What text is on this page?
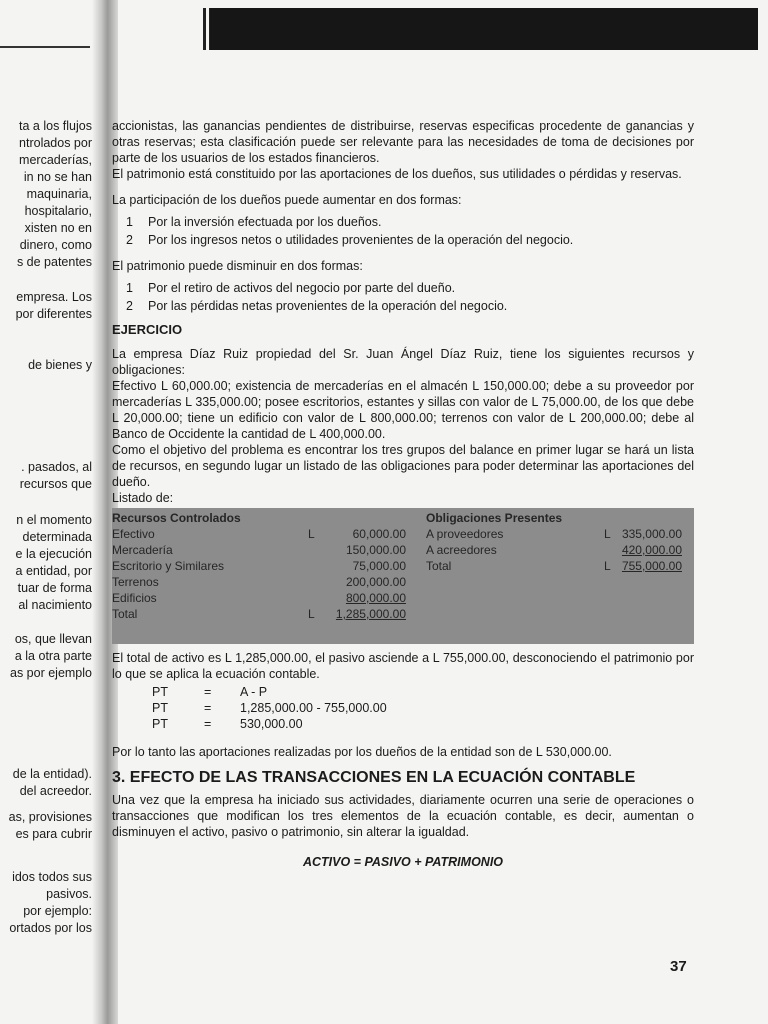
ta a los flujos
ntrolados por
mercaderías,
in no se han
maquinaria,
hospitalario,
xisten no en
dinero, como
s de patentes
empresa. Los
por diferentes
de bienes y
. pasados, al
recursos que
n el momento
determinada
e la ejecución
a entidad, por
tuar de forma
al nacimiento
os, que llevan
a la otra parte
as por ejemplo
de la entidad).
del acreedor.
as, provisiones
es para cubrir
idos todos sus
pasivos.
por ejemplo:
ortados por los

accionistas, las ganancias pendientes de distribuirse, reservas especificas procedente de ganancias y otras reservas; esta clasificación puede ser relevante para las necesidades de toma de decisiones por parte de los usuarios de los estados financieros.

El patrimonio está constituido por las aportaciones de los dueños, sus utilidades o pérdidas y reservas.

La participación de los dueños puede aumentar en dos formas:

1 Por la inversión efectuada por los dueños.
2 Por los ingresos netos o utilidades provenientes de la operación del negocio.

El patrimonio puede disminuir en dos formas:

1 Por el retiro de activos del negocio por parte del dueño.
2 Por las pérdidas netas provenientes de la operación del negocio.
EJERCICIO

La empresa Díaz Ruiz propiedad del Sr. Juan Ángel Díaz Ruiz, tiene los siguientes recursos y obligaciones:

Efectivo L 60,000.00; existencia de mercaderías en el almacén L 150,000.00; debe a su proveedor por mercaderías L 335,000.00; posee escritorios, estantes y sillas con valor de L 75,000.00, de los que debe L 20,000.00; tiene un edificio con valor de L 800,000.00; terrenos con valor de L 200,000.00; debe al Banco de Occidente la cantidad de L 400,000.00.

Como el objetivo del problema es encontrar los tres grupos del balance en primer lugar se hará un lista de recursos, en segundo lugar un listado de las obligaciones para poder determinar las aportaciones del dueño.

Listado de:

Recursos Controlados
Efectivo	L	60,000.00
Mercadería	150,000.00
Escritorio y Similares	75,000.00
Terrenos	200,000.00
Edificios	800,000.00
Total	L 1,285,000.00
Obligaciones Presentes
A proveedores	L 335,000.00
A acreedores	420,000.00
Total	L 755,000.00

El total de activo es L 1,285,000.00, el pasivo asciende a L 755,000.00, desconociendo el patrimonio por lo que se aplica la ecuación contable.

PT	= A - P
PT	= 1,285,000.00 - 755,000.00
PT	= 530,000.00

Por lo tanto las aportaciones realizadas por los dueños de la entidad son de L 530,000.00.

3. EFECTO DE LAS TRANSACCIONES EN LA ECUACIÓN CONTABLE

Una vez que la empresa ha iniciado sus actividades, diariamente ocurren una serie de operaciones o transacciones que modifican los tres elementos de la ecuación contable, es decir, aumentan o disminuyen el activo, pasivo o patrimonio, sin alterar la igualdad.

ACTIVO = PASIVO + PATRIMONIO
37
